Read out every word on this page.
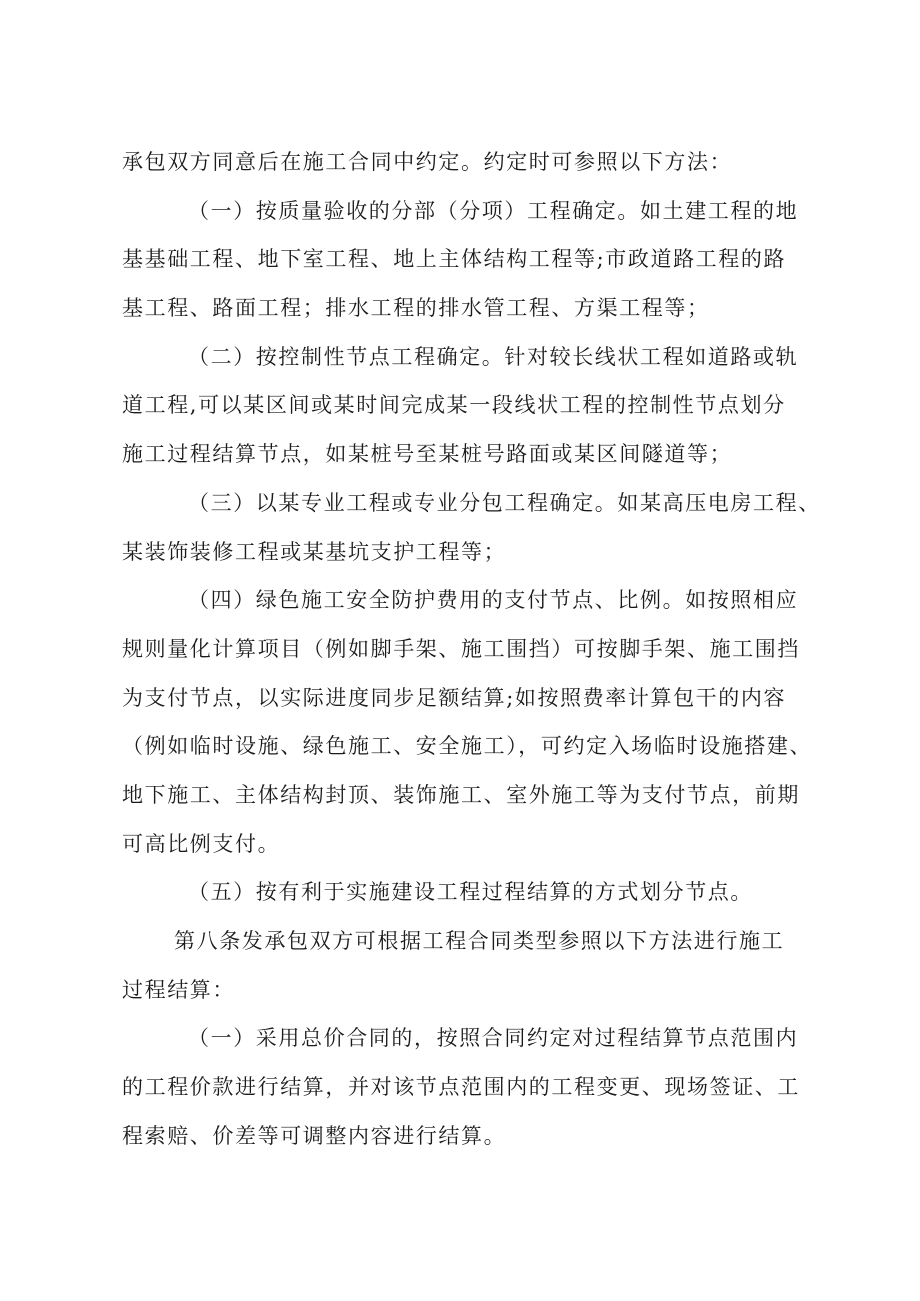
承包双方同意后在施工合同中约定。约定时可参照以下方法：
（一）按质量验收的分部（分项）工程确定。如土建工程的地
基基础工程、地下室工程、地上主体结构工程等;市政道路工程的路
基工程、路面工程；排水工程的排水管工程、方渠工程等；
（二）按控制性节点工程确定。针对较长线状工程如道路或轨
道工程,可以某区间或某时间完成某一段线状工程的控制性节点划分
施工过程结算节点，如某桩号至某桩号路面或某区间隧道等；
（三）以某专业工程或专业分包工程确定。如某高压电房工程、
某装饰装修工程或某基坑支护工程等；
（四）绿色施工安全防护费用的支付节点、比例。如按照相应
规则量化计算项目（例如脚手架、施工围挡）可按脚手架、施工围挡
为支付节点，以实际进度同步足额结算;如按照费率计算包干的内容
（例如临时设施、绿色施工、安全施工），可约定入场临时设施搭建、
地下施工、主体结构封顶、装饰施工、室外施工等为支付节点，前期
可高比例支付。
（五）按有利于实施建设工程过程结算的方式划分节点。
第八条发承包双方可根据工程合同类型参照以下方法进行施工
过程结算：
（一）采用总价合同的，按照合同约定对过程结算节点范围内
的工程价款进行结算，并对该节点范围内的工程变更、现场签证、工
程索赔、价差等可调整内容进行结算。
